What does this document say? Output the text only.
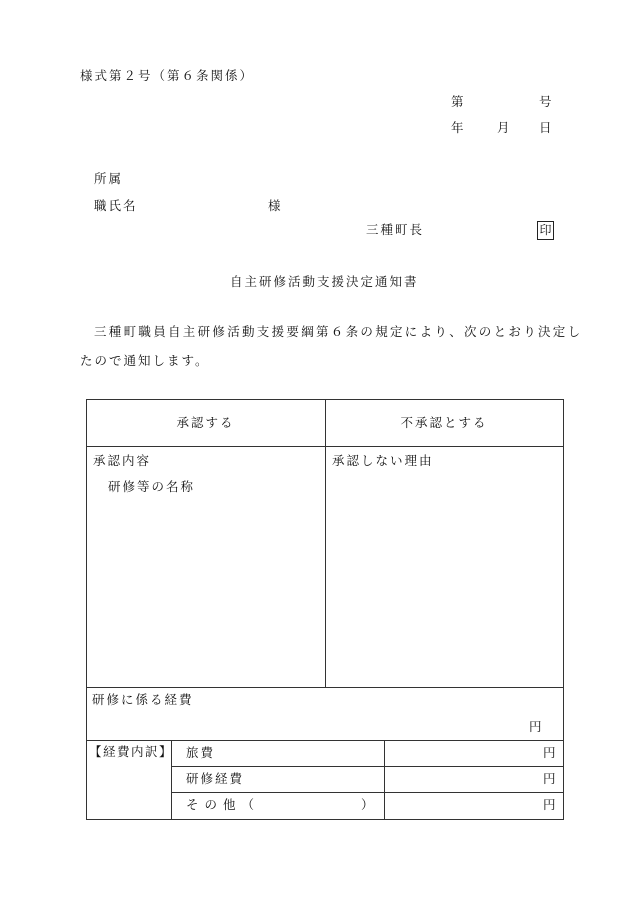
様式第２号（第６条関係）
第	号
年	月 日
所属
職氏名	様
三種町長	印
自主研修活動支援決定通知書
三種町職員自主研修活動支援要綱第６条の規定により、次のとおり決定し
たので通知します。
承認する	不承認とする
承認内容
研修等の名称
承認しない理由
研修に係る経費
円
【経費内訳】 旅費	円
研修経費	円
その他（	）	円
